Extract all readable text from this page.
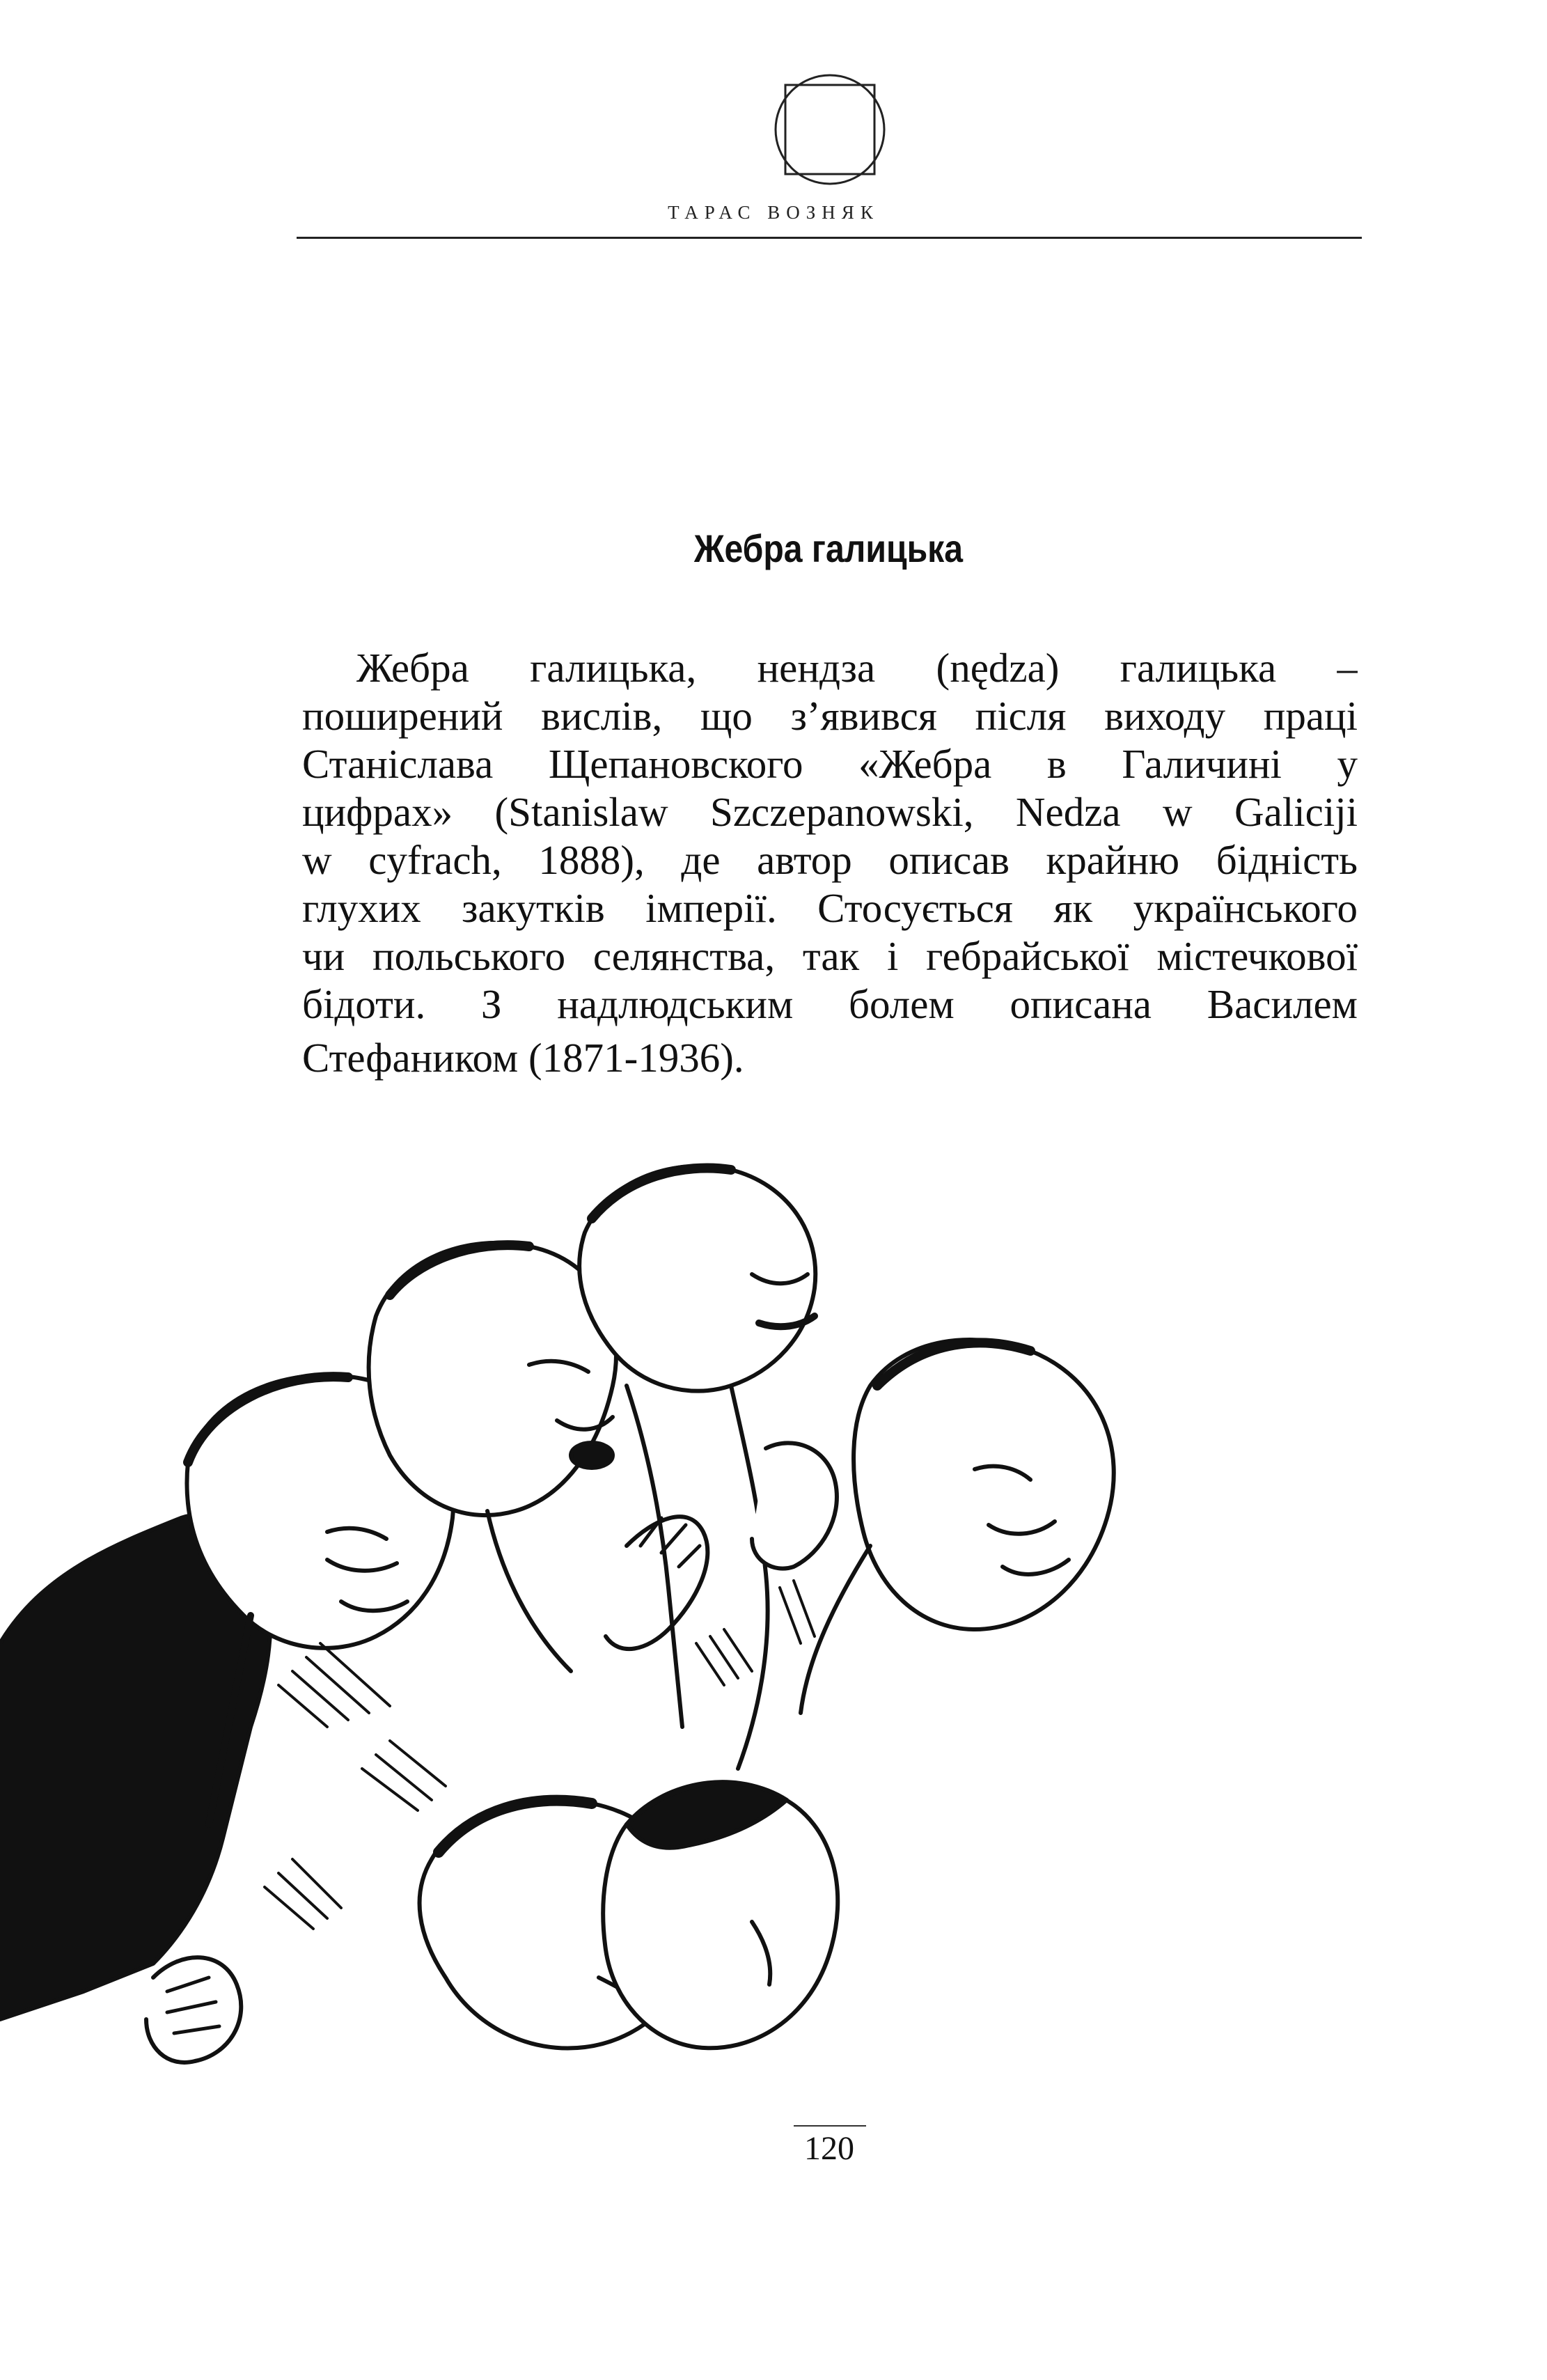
ТАРАС ВОЗНЯК
Жебра галицька
Жебра галицька, нендза (nędza) галицька –
поширений вислів, що з’явився після виходу праці
Станіслава Щепановского «Жебра в Галичині у
цифрах» (Stanislaw Szczepanowski, Nedza w Galiciji
w cyfrach, 1888), де автор описав крайню бідність
глухих закутків імперії. Стосується як українського
чи польського селянства, так і гебрайської містечкової
бідоти. З надлюдським болем описана Василем
Стефаником (1871-1936).
120
